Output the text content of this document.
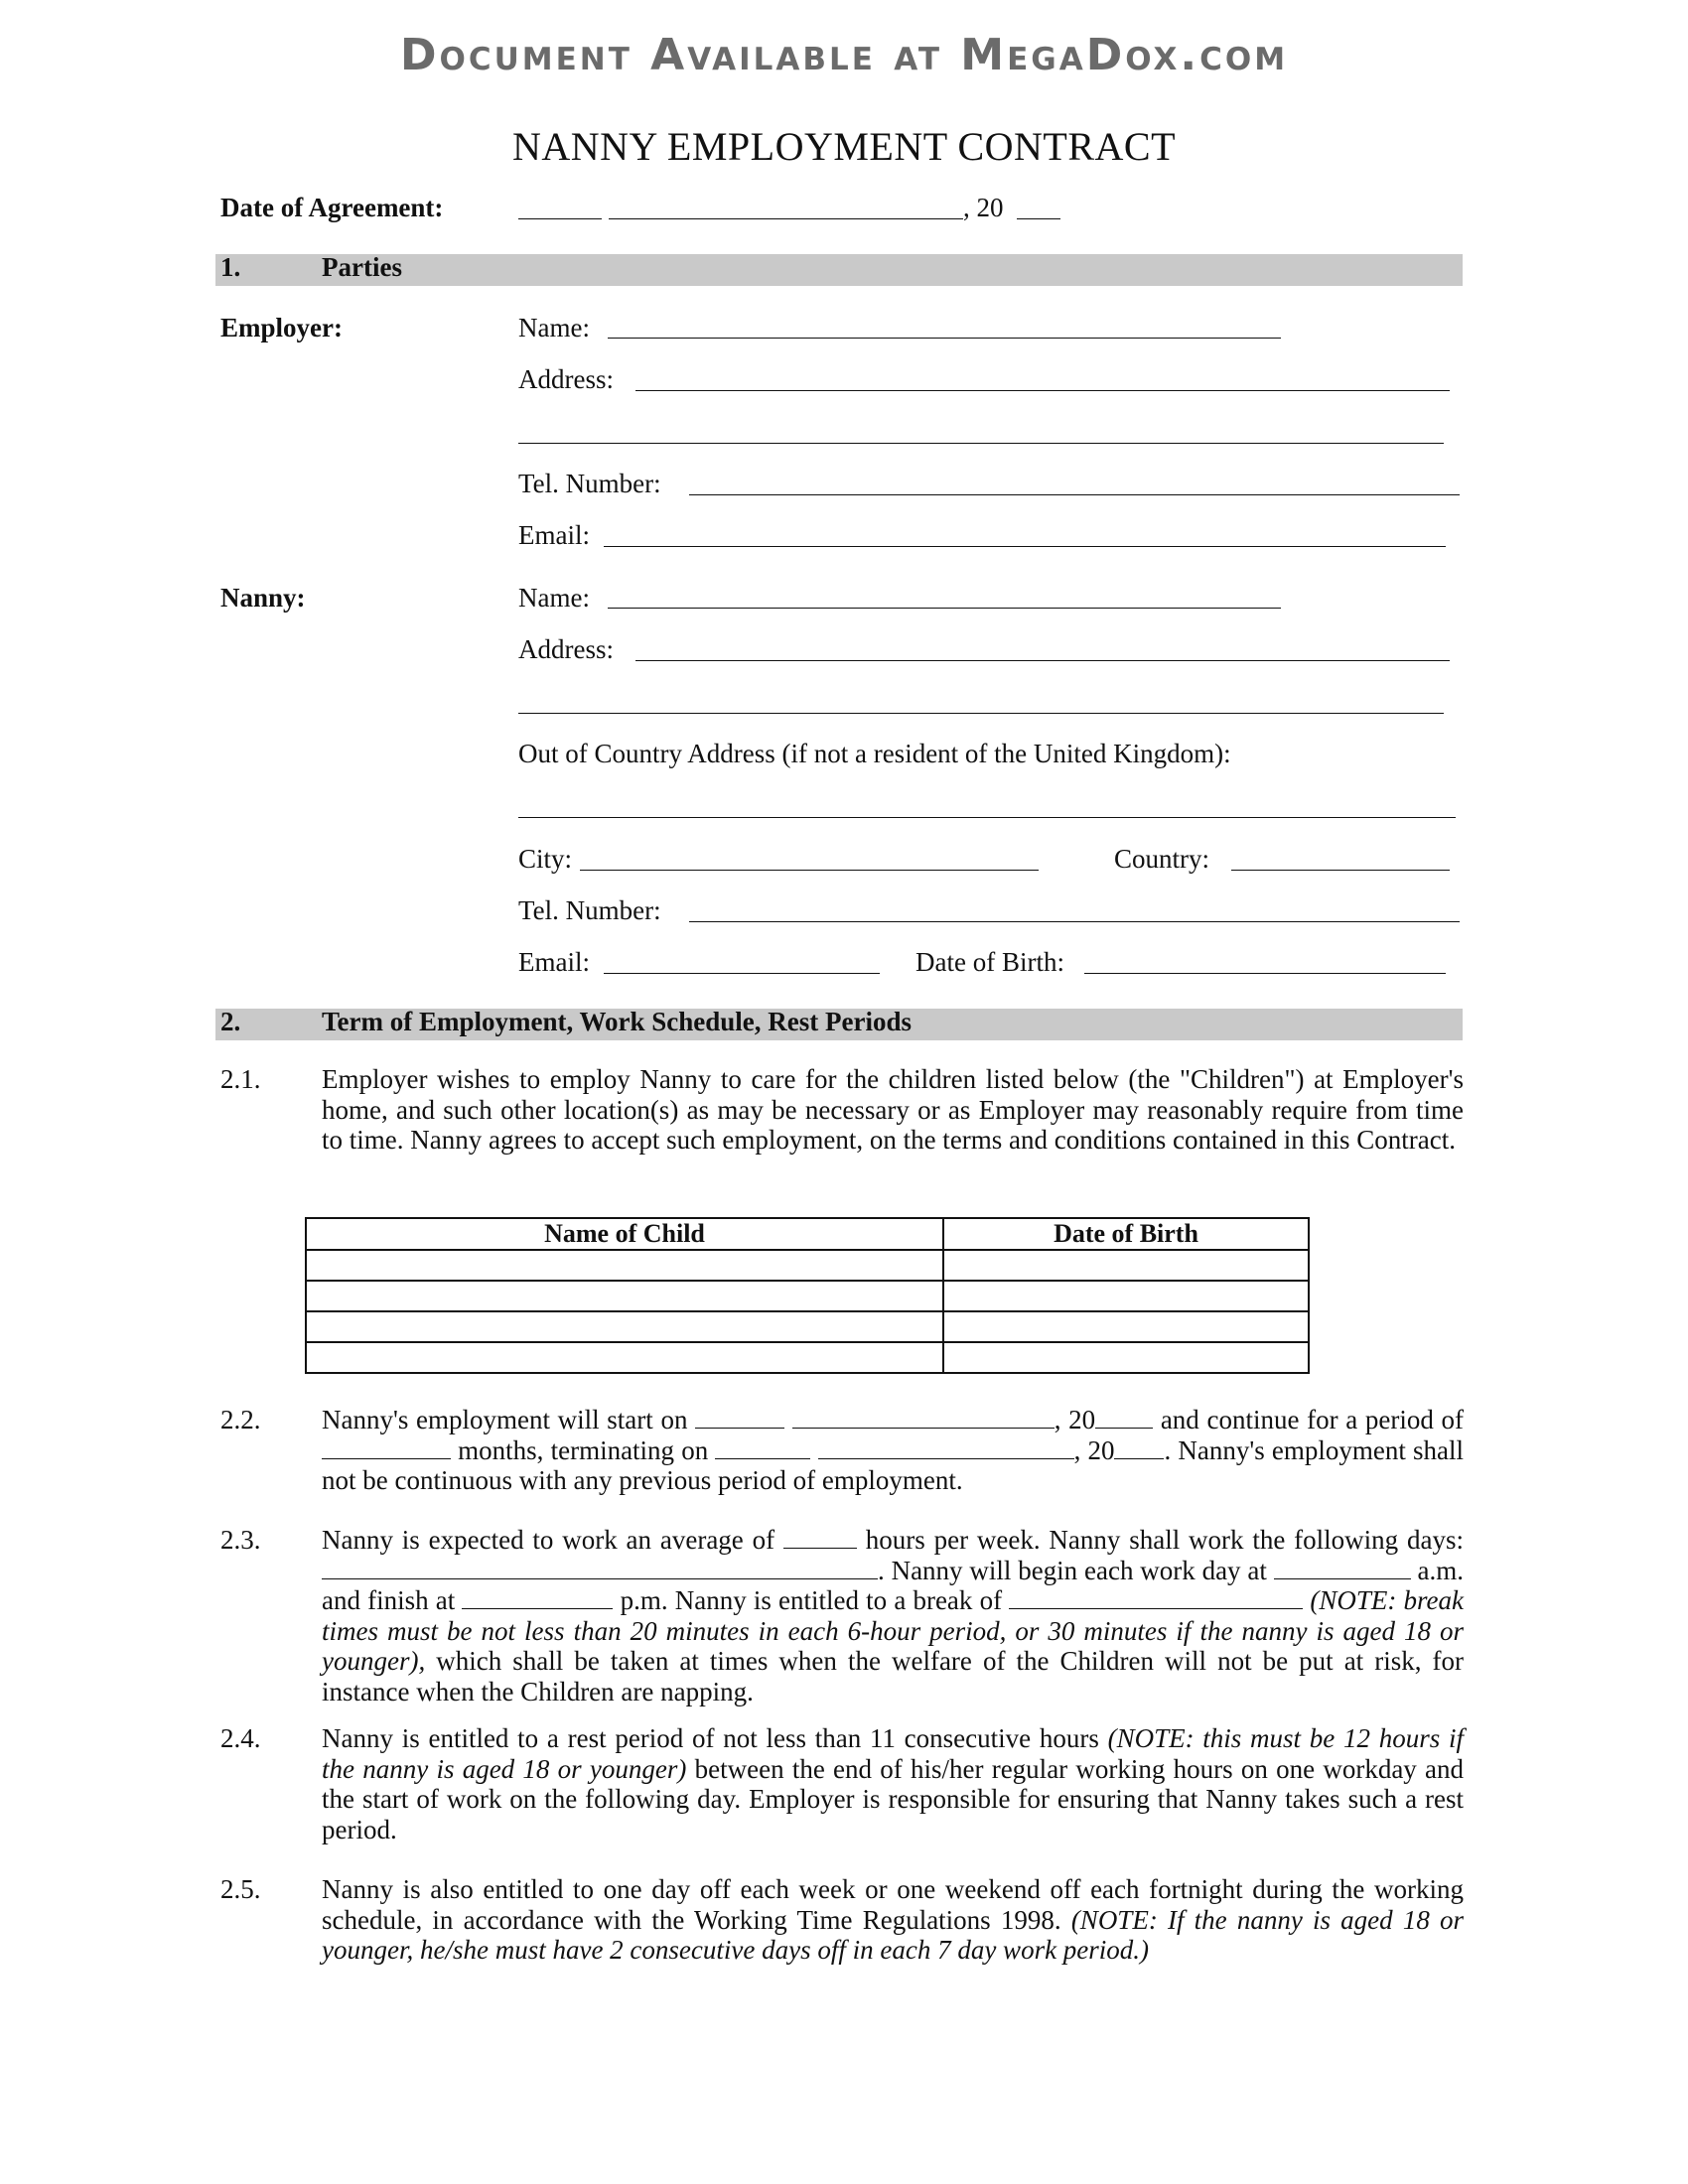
Document Available at MegaDox.com
NANNY EMPLOYMENT CONTRACT
Date of Agreement:	, 20
1.	Parties
Employer:	Name:
Address:
Tel. Number:
Email:
Nanny:	Name:
Address:
Out of Country Address (if not a resident of the United Kingdom):
City:	Country:
Tel. Number:
Email:	Date of Birth:
2.	Term of Employment, Work Schedule, Rest Periods
2.1. Employer wishes to employ Nanny to care for the children listed below (the "Children") at Employer's home, and such other location(s) as may be necessary or as Employer may reasonably require from time to time. Nanny agrees to accept such employment, on the terms and conditions contained in this Contract.
Name of Child	Date of Birth

2.2. Nanny's employment will start on	, 20 and continue for a period of  months, terminating on	, 20 . Nanny's employment shall not be continuous with any previous period of employment.
2.3. Nanny is expected to work an average of	hours per week. Nanny shall work the following days: . Nanny will begin each work day at	a.m. and finish at	p.m. Nanny is entitled to a break of	(NOTE: break times must be not less than 20 minutes in each 6-hour period, or 30 minutes if the nanny is aged 18 or younger), which shall be taken at times when the welfare of the Children will not be put at risk, for instance when the Children are napping.
2.4. Nanny is entitled to a rest period of not less than 11 consecutive hours (NOTE: this must be 12 hours if the nanny is aged 18 or younger) between the end of his/her regular working hours on one workday and the start of work on the following day. Employer is responsible for ensuring that Nanny takes such a rest period.
2.5. Nanny is also entitled to one day off each week or one weekend off each fortnight during the working schedule, in accordance with the Working Time Regulations 1998. (NOTE: If the nanny is aged 18 or younger, he/she must have 2 consecutive days off in each 7 day work period.)
